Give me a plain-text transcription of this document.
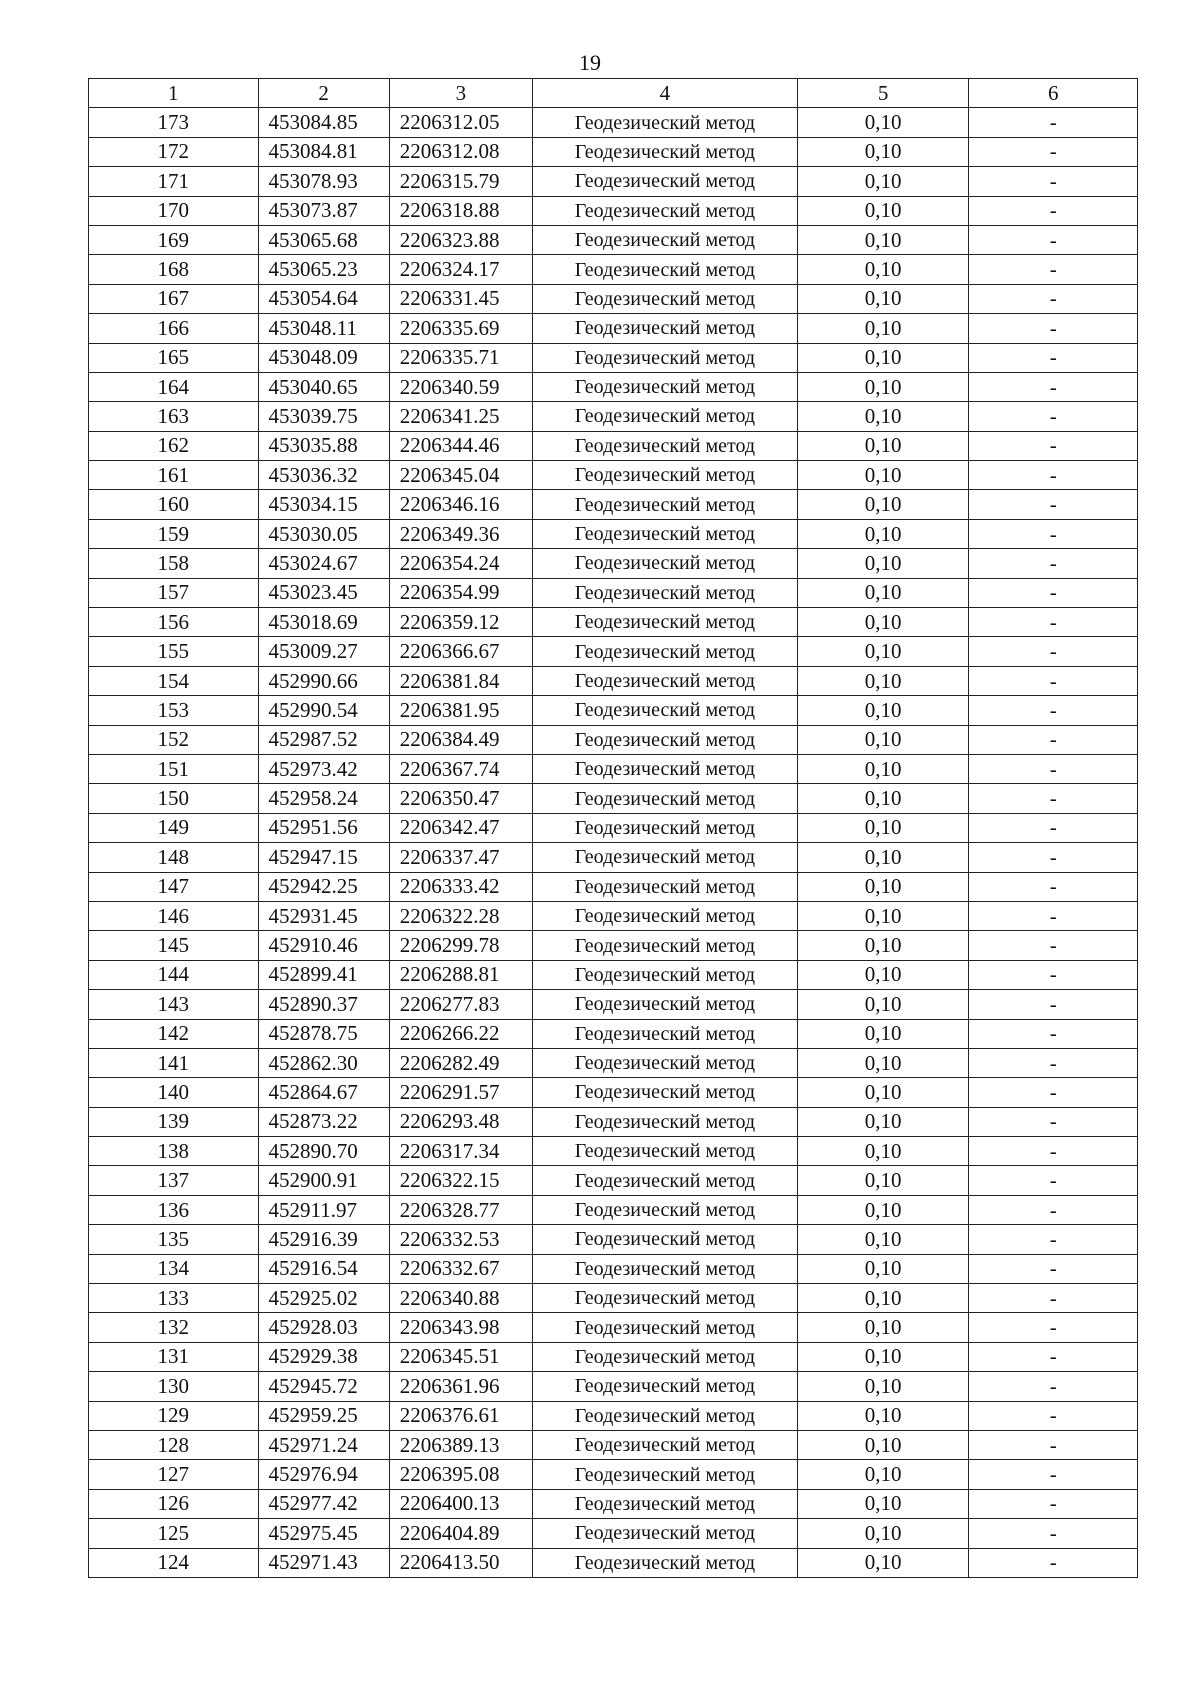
19
1	2	3	4	5	6
173	453084.85	2206312.05	Геодезический метод	0,10	-
172	453084.81	2206312.08	Геодезический метод	0,10	-
171	453078.93	2206315.79	Геодезический метод	0,10	-
170	453073.87	2206318.88	Геодезический метод	0,10	-
169	453065.68	2206323.88	Геодезический метод	0,10	-
168	453065.23	2206324.17	Геодезический метод	0,10	-
167	453054.64	2206331.45	Геодезический метод	0,10	-
166	453048.11	2206335.69	Геодезический метод	0,10	-
165	453048.09	2206335.71	Геодезический метод	0,10	-
164	453040.65	2206340.59	Геодезический метод	0,10	-
163	453039.75	2206341.25	Геодезический метод	0,10	-
162	453035.88	2206344.46	Геодезический метод	0,10	-
161	453036.32	2206345.04	Геодезический метод	0,10	-
160	453034.15	2206346.16	Геодезический метод	0,10	-
159	453030.05	2206349.36	Геодезический метод	0,10	-
158	453024.67	2206354.24	Геодезический метод	0,10	-
157	453023.45	2206354.99	Геодезический метод	0,10	-
156	453018.69	2206359.12	Геодезический метод	0,10	-
155	453009.27	2206366.67	Геодезический метод	0,10	-
154	452990.66	2206381.84	Геодезический метод	0,10	-
153	452990.54	2206381.95	Геодезический метод	0,10	-
152	452987.52	2206384.49	Геодезический метод	0,10	-
151	452973.42	2206367.74	Геодезический метод	0,10	-
150	452958.24	2206350.47	Геодезический метод	0,10	-
149	452951.56	2206342.47	Геодезический метод	0,10	-
148	452947.15	2206337.47	Геодезический метод	0,10	-
147	452942.25	2206333.42	Геодезический метод	0,10	-
146	452931.45	2206322.28	Геодезический метод	0,10	-
145	452910.46	2206299.78	Геодезический метод	0,10	-
144	452899.41	2206288.81	Геодезический метод	0,10	-
143	452890.37	2206277.83	Геодезический метод	0,10	-
142	452878.75	2206266.22	Геодезический метод	0,10	-
141	452862.30	2206282.49	Геодезический метод	0,10	-
140	452864.67	2206291.57	Геодезический метод	0,10	-
139	452873.22	2206293.48	Геодезический метод	0,10	-
138	452890.70	2206317.34	Геодезический метод	0,10	-
137	452900.91	2206322.15	Геодезический метод	0,10	-
136	452911.97	2206328.77	Геодезический метод	0,10	-
135	452916.39	2206332.53	Геодезический метод	0,10	-
134	452916.54	2206332.67	Геодезический метод	0,10	-
133	452925.02	2206340.88	Геодезический метод	0,10	-
132	452928.03	2206343.98	Геодезический метод	0,10	-
131	452929.38	2206345.51	Геодезический метод	0,10	-
130	452945.72	2206361.96	Геодезический метод	0,10	-
129	452959.25	2206376.61	Геодезический метод	0,10	-
128	452971.24	2206389.13	Геодезический метод	0,10	-
127	452976.94	2206395.08	Геодезический метод	0,10	-
126	452977.42	2206400.13	Геодезический метод	0,10	-
125	452975.45	2206404.89	Геодезический метод	0,10	-
124	452971.43	2206413.50	Геодезический метод	0,10	-
